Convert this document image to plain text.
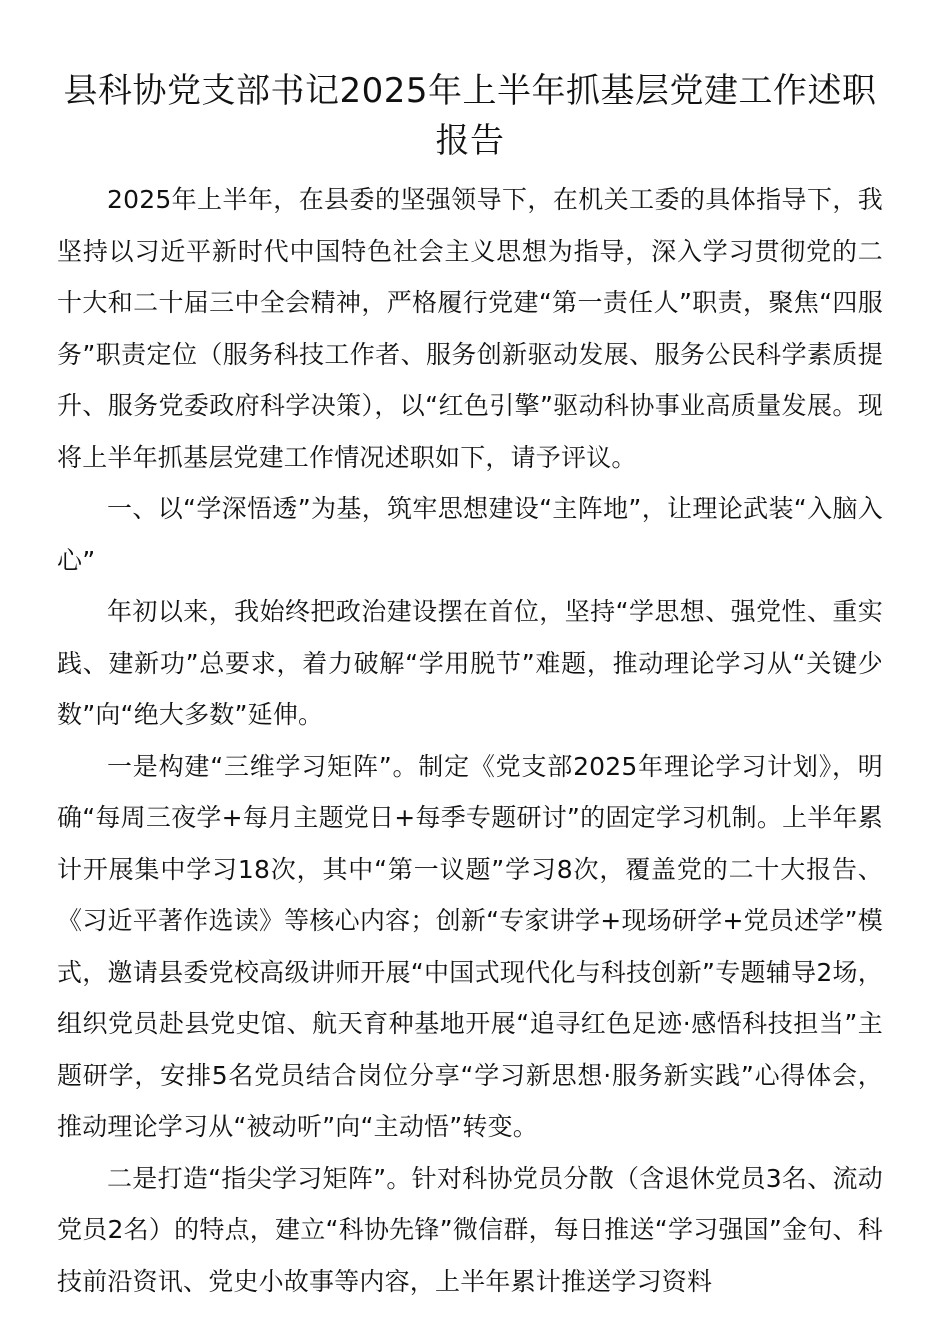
县科协党支部书记2025年上半年抓基层党建工作述职报告

2025年上半年，在县委的坚强领导下，在机关工委的具体指导下，我坚持以习近平新时代中国特色社会主义思想为指导，深入学习贯彻党的二十大和二十届三中全会精神，严格履行党建“第一责任人”职责，聚焦“四服务”职责定位（服务科技工作者、服务创新驱动发展、服务公民科学素质提升、服务党委政府科学决策），以“红色引擎”驱动科协事业高质量发展。现将上半年抓基层党建工作情况述职如下，请予评议。

一、以“学深悟透”为基，筑牢思想建设“主阵地”，让理论武装“入脑入心”

年初以来，我始终把政治建设摆在首位，坚持“学思想、强党性、重实践、建新功”总要求，着力破解“学用脱节”难题，推动理论学习从“关键少数”向“绝大多数”延伸。

一是构建“三维学习矩阵”。制定《党支部2025年理论学习计划》，明确“每周三夜学+每月主题党日+每季专题研讨”的固定学习机制。上半年累计开展集中学习18次，其中“第一议题”学习8次，覆盖党的二十大报告、《习近平著作选读》等核心内容；创新“专家讲学+现场研学+党员述学”模式，邀请县委党校高级讲师开展“中国式现代化与科技创新”专题辅导2场，组织党员赴县党史馆、航天育种基地开展“追寻红色足迹·感悟科技担当”主题研学，安排5名党员结合岗位分享“学习新思想·服务新实践”心得体会，推动理论学习从“被动听”向“主动悟”转变。

二是打造“指尖学习矩阵”。针对科协党员分散（含退休党员3名、流动党员2名）的特点，建立“科协先锋”微信群，每日推送“学习强国”金句、科技前沿资讯、党史小故事等内容，上半年累计推送学习资料
